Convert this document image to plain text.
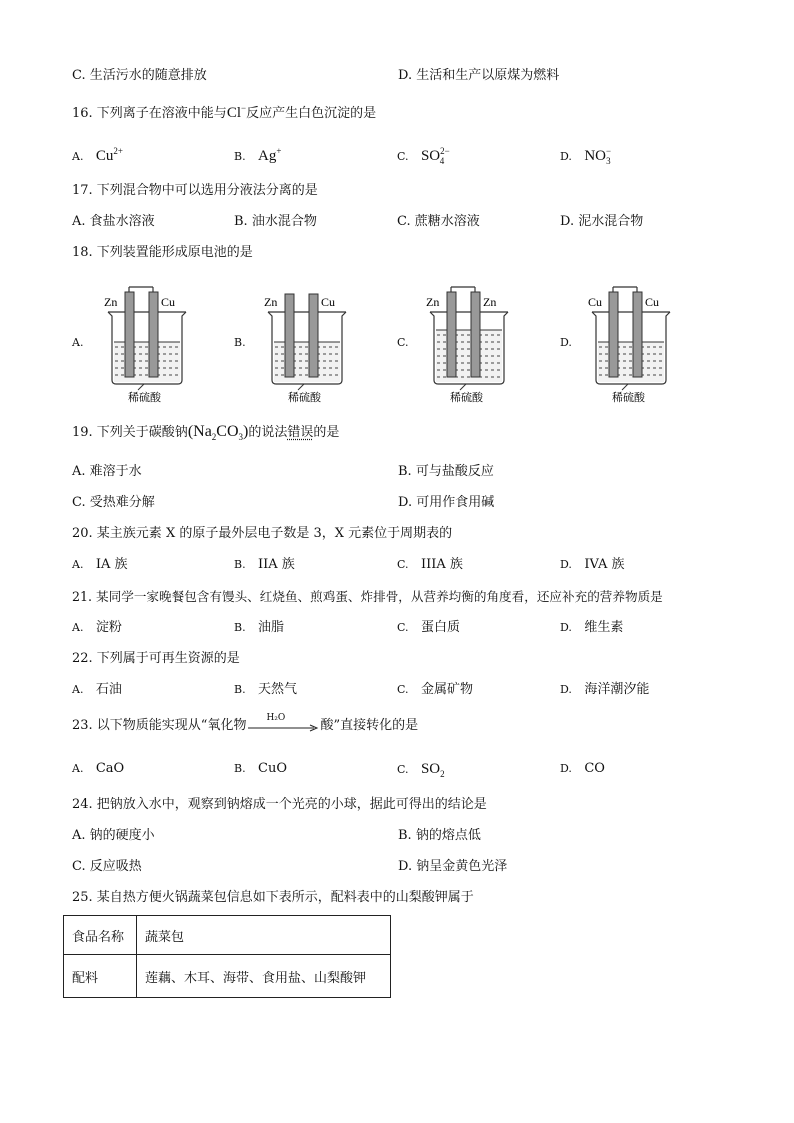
C. 生活污水的随意排放	D. 生活和生产以原煤为燃料
16. 下列离子在溶液中能与Cl−反应产生白色沉淀的是
A. $Cu^{2+}$	B. Ag+	C. $SO^{2-}_4$	D. $NO^-_3$
17. 下列混合物中可以选用分液法分离的是
A. 食盐水溶液	B. 油水混合物	C. 蔗糖水溶液	D. 泥水混合物
18. 下列装置能形成原电池的是
A.	B.	C.	D.
Zn	Cu
稀硫酸
Zn	Cu
稀硫酸
Zn	Zn
稀硫酸
Cu	Cu
稀硫酸
19. 下列关于碳酸钠$(Na_2CO_3)$的说法错误的是
A. 难溶于水	B. 可与盐酸反应
C. 受热难分解	D. 可用作食用碱
20. 某主族元素 X 的原子最外层电子数是 3，X 元素位于周期表的
A. IA 族	B. IIA 族	C. IIIA 族	D. IVA 族
21. 某同学一家晚餐包含有馒头、红烧鱼、煎鸡蛋、炸排骨，从营养均衡的角度看，还应补充的营养物质是
A. 淀粉	B. 油脂	C. 蛋白质	D. 维生素
22. 下列属于可再生资源的是
A. 石油	B. 天然气	C. 金属矿物	D. 海洋潮汐能
23. 以下物质能实现从“氧化物 H₂O	酸”直接转化的是
A. CaO	B. CuO	C. $SO_2$	D. CO
24. 把钠放入水中，观察到钠熔成一个光亮的小球，据此可得出的结论是
A. 钠的硬度小	B. 钠的熔点低
C. 反应吸热	D. 钠呈金黄色光泽
25. 某自热方便火锅蔬菜包信息如下表所示，配料表中的山梨酸钾属于
食品名称	蔬菜包
配料	莲藕、木耳、海带、食用盐、山梨酸钾
